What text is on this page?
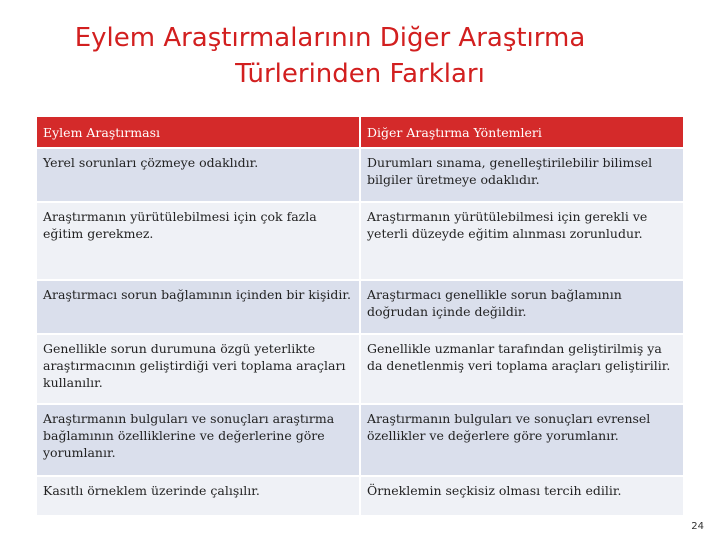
Eylem Araştırmalarının Diğer Araştırma
Türlerinden Farkları
Eylem Araştırması	Diğer Araştırma Yöntemleri

Yerel sorunları çözmeye odaklıdır.	Durumları sınama, genelleştirilebilir bilimsel bilgiler üretmeye odaklıdır.

Araştırmanın yürütülebilmesi için çok fazla eğitim gerekmez.	Araştırmanın yürütülebilmesi için gerekli ve yeterli düzeyde eğitim alınması zorunludur.

Araştırmacı sorun bağlamının içinden bir kişidir.	Araştırmacı genellikle sorun bağlamının doğrudan içinde değildir.

Genellikle sorun durumuna özgü yeterlikte araştırmacının geliştirdiği veri toplama araçları kullanılır.	Genellikle uzmanlar tarafından geliştirilmiş ya da denetlenmiş veri toplama araçları geliştirilir.

Araştırmanın bulguları ve sonuçları araştırma bağlamının özelliklerine ve değerlerine göre yorumlanır.	Araştırmanın bulguları ve sonuçları evrensel özellikler ve değerlere göre yorumlanır.

Kasıtlı örneklem üzerinde çalışılır.	Örneklemin seçkisiz olması tercih edilir.
24
